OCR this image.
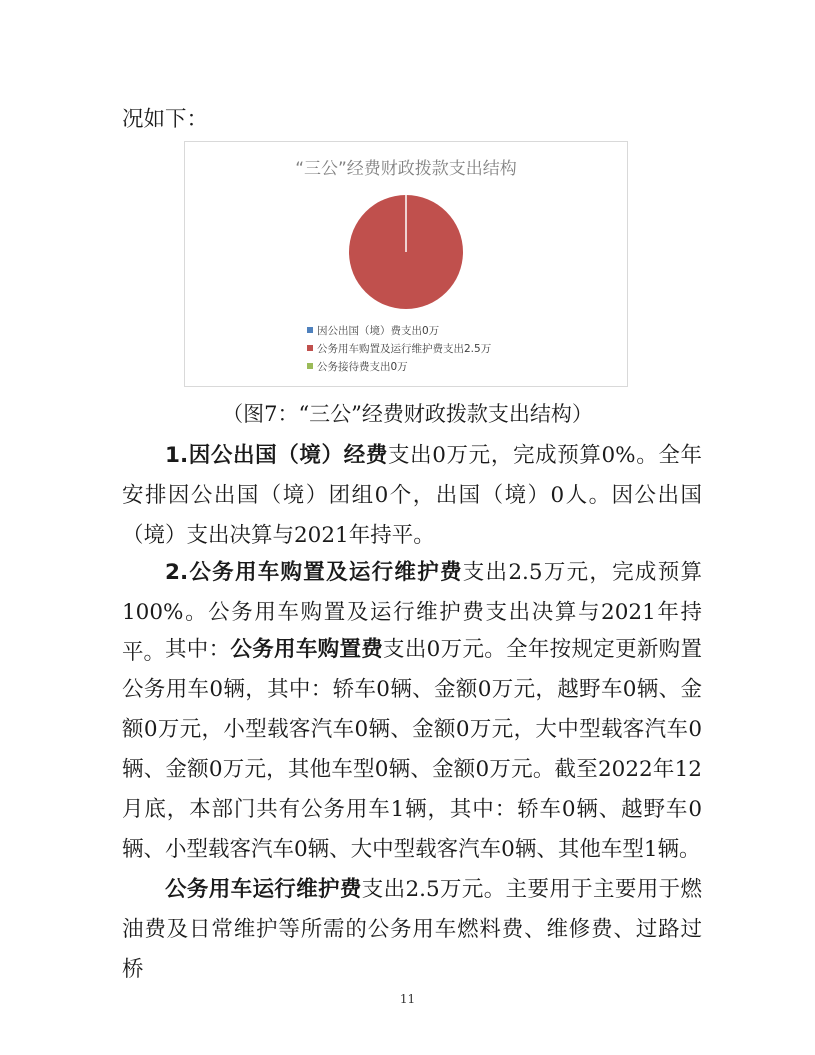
况如下：

“三公”经费财政拨款支出结构
因公出国（境）费支出0万
公务用车购置及运行维护费支出2.5万
公务接待费支出0万
（图7：“三公”经费财政拨款支出结构）

1.因公出国（境）经费支出0万元，完成预算0%。全年安排因公出国（境）团组0个，出国（境）0人。因公出国（境）支出决算与2021年持平。

2.公务用车购置及运行维护费支出2.5万元，完成预算100%。公务用车购置及运行维护费支出决算与2021年持平。 其中：公务用车购置费支出0万元。全年按规定更新购置公务用车0辆，其中：轿车0辆、金额0万元，越野车0辆、金额0万元，小型载客汽车0辆、金额0万元，大中型载客汽车0辆、金额0万元，其他车型0辆、金额0万元。截至2022年12月底，本部门共有公务用车1辆，其中：轿车0辆、越野车0辆、小型载客汽车0辆、大中型载客汽车0辆、其他车型1辆。

公务用车运行维护费支出2.5万元。主要用于主要用于燃油费及日常维护等所需的公务用车燃料费、维修费、过路过桥

11
